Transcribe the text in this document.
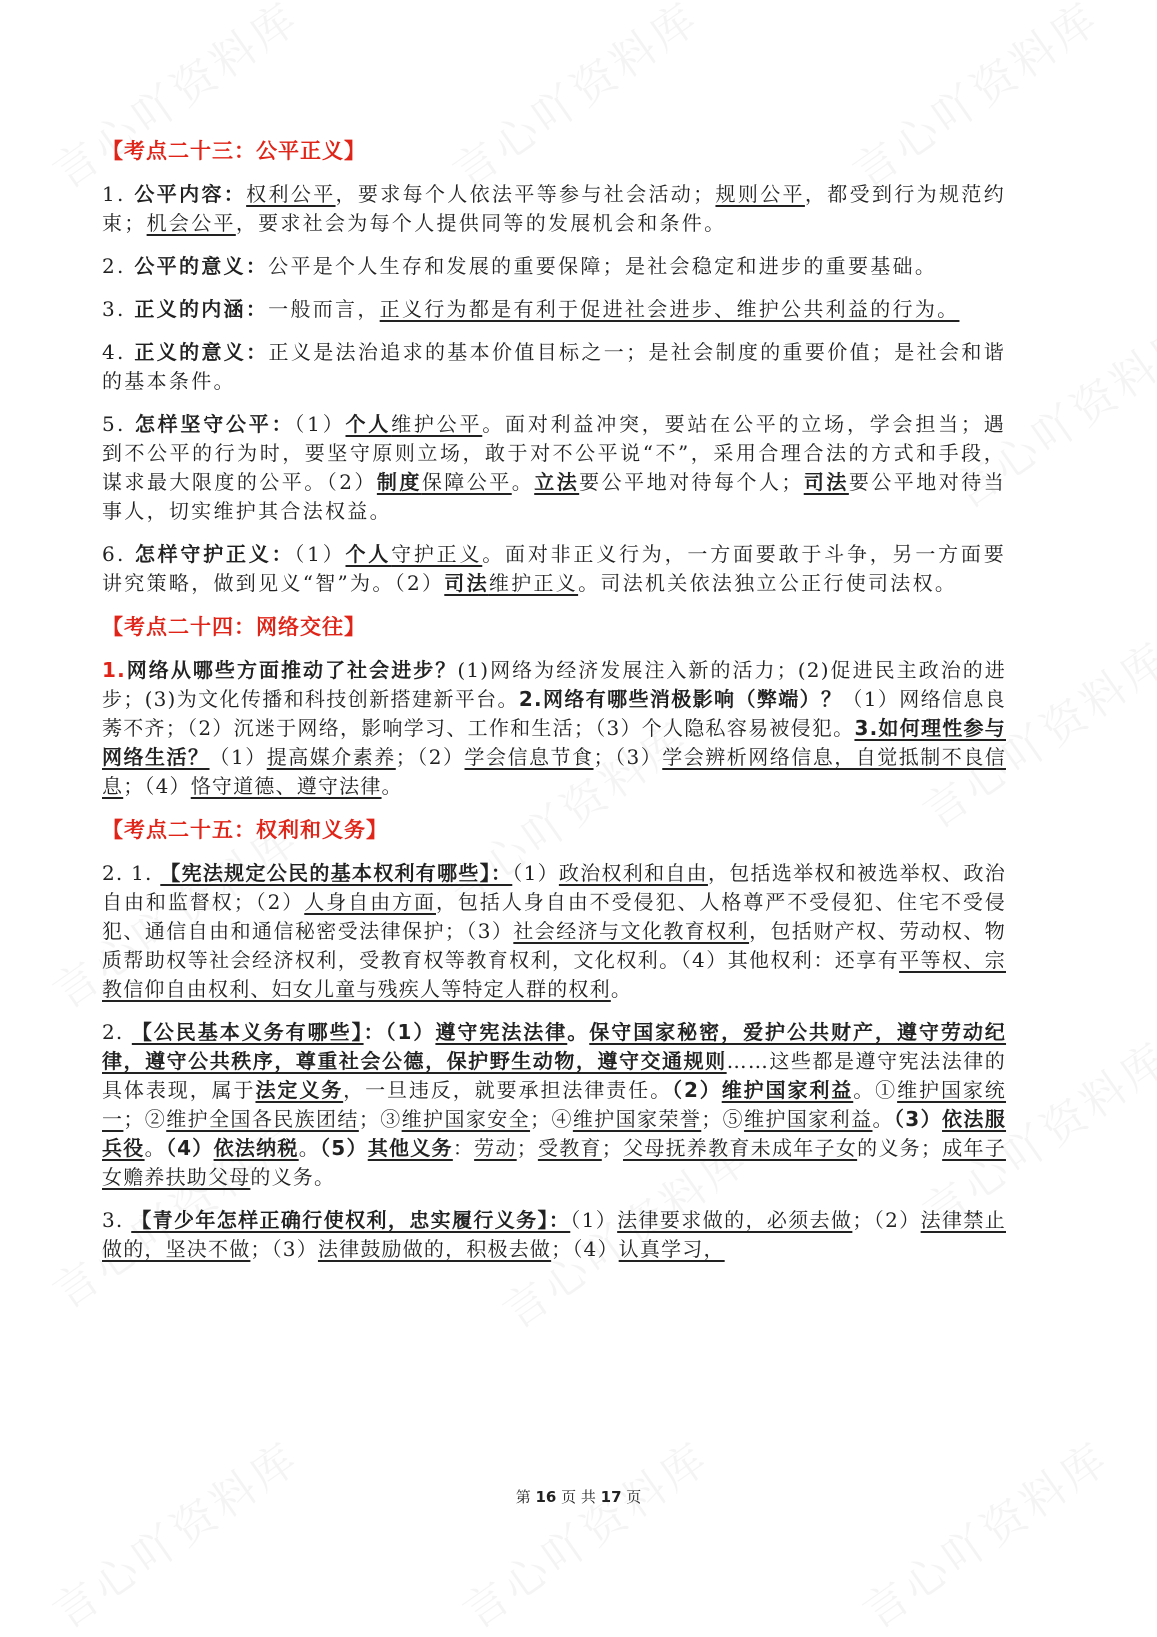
【考点二十三：公平正义】

1. 公平内容：权利公平，要求每个人依法平等参与社会活动；规则公平，都受到行为规范约束；机会公平，要求社会为每个人提供同等的发展机会和条件。

2. 公平的意义：公平是个人生存和发展的重要保障；是社会稳定和进步的重要基础。

3. 正义的内涵：一般而言，正义行为都是有利于促进社会进步、维护公共利益的行为。

4. 正义的意义：正义是法治追求的基本价值目标之一；是社会制度的重要价值；是社会和谐的基本条件。

5. 怎样坚守公平：（1）个人维护公平。面对利益冲突，要站在公平的立场，学会担当；遇到不公平的行为时，要坚守原则立场，敢于对不公平说“不”，采用合理合法的方式和手段，谋求最大限度的公平。（2）制度保障公平。立法要公平地对待每个人；司法要公平地对待当事人，切实维护其合法权益。

6. 怎样守护正义：（1）个人守护正义。面对非正义行为，一方面要敢于斗争，另一方面要讲究策略，做到见义“智”为。（2）司法维护正义。司法机关依法独立公正行使司法权。

【考点二十四：网络交往】

1.网络从哪些方面推动了社会进步？(1)网络为经济发展注入新的活力；(2)促进民主政治的进步；(3)为文化传播和科技创新搭建新平台。2.网络有哪些消极影响（弊端）？（1）网络信息良莠不齐；（2）沉迷于网络，影响学习、工作和生活；（3）个人隐私容易被侵犯。3.如何理性参与网络生活？（1）提高媒介素养；（2）学会信息节食；（3）学会辨析网络信息，自觉抵制不良信息；（4）恪守道德、遵守法律。

【考点二十五：权利和义务】

2. 1. 【宪法规定公民的基本权利有哪些】：（1）政治权利和自由，包括选举权和被选举权、政治自由和监督权；（2）人身自由方面，包括人身自由不受侵犯、人格尊严不受侵犯、住宅不受侵犯、通信自由和通信秘密受法律保护；（3）社会经济与文化教育权利，包括财产权、劳动权、物质帮助权等社会经济权利，受教育权等教育权利，文化权利。（4）其他权利：还享有平等权、宗教信仰自由权利、妇女儿童与残疾人等特定人群的权利。

2. 【公民基本义务有哪些】：（1）遵守宪法法律。保守国家秘密，爱护公共财产，遵守劳动纪律，遵守公共秩序，尊重社会公德，保护野生动物，遵守交通规则……这些都是遵守宪法法律的具体表现，属于法定义务，一旦违反，就要承担法律责任。（2）维护国家利益。①维护国家统一；②维护全国各民族团结；③维护国家安全；④维护国家荣誉；⑤维护国家利益。（3）依法服兵役。（4）依法纳税。（5）其他义务：劳动；受教育；父母抚养教育未成年子女的义务；成年子女赡养扶助父母的义务。

3. 【青少年怎样正确行使权利，忠实履行义务】：（1）法律要求做的，必须去做；（2）法律禁止做的，坚决不做；（3）法律鼓励做的，积极去做；（4）认真学习，

第 16 页 共 17 页
